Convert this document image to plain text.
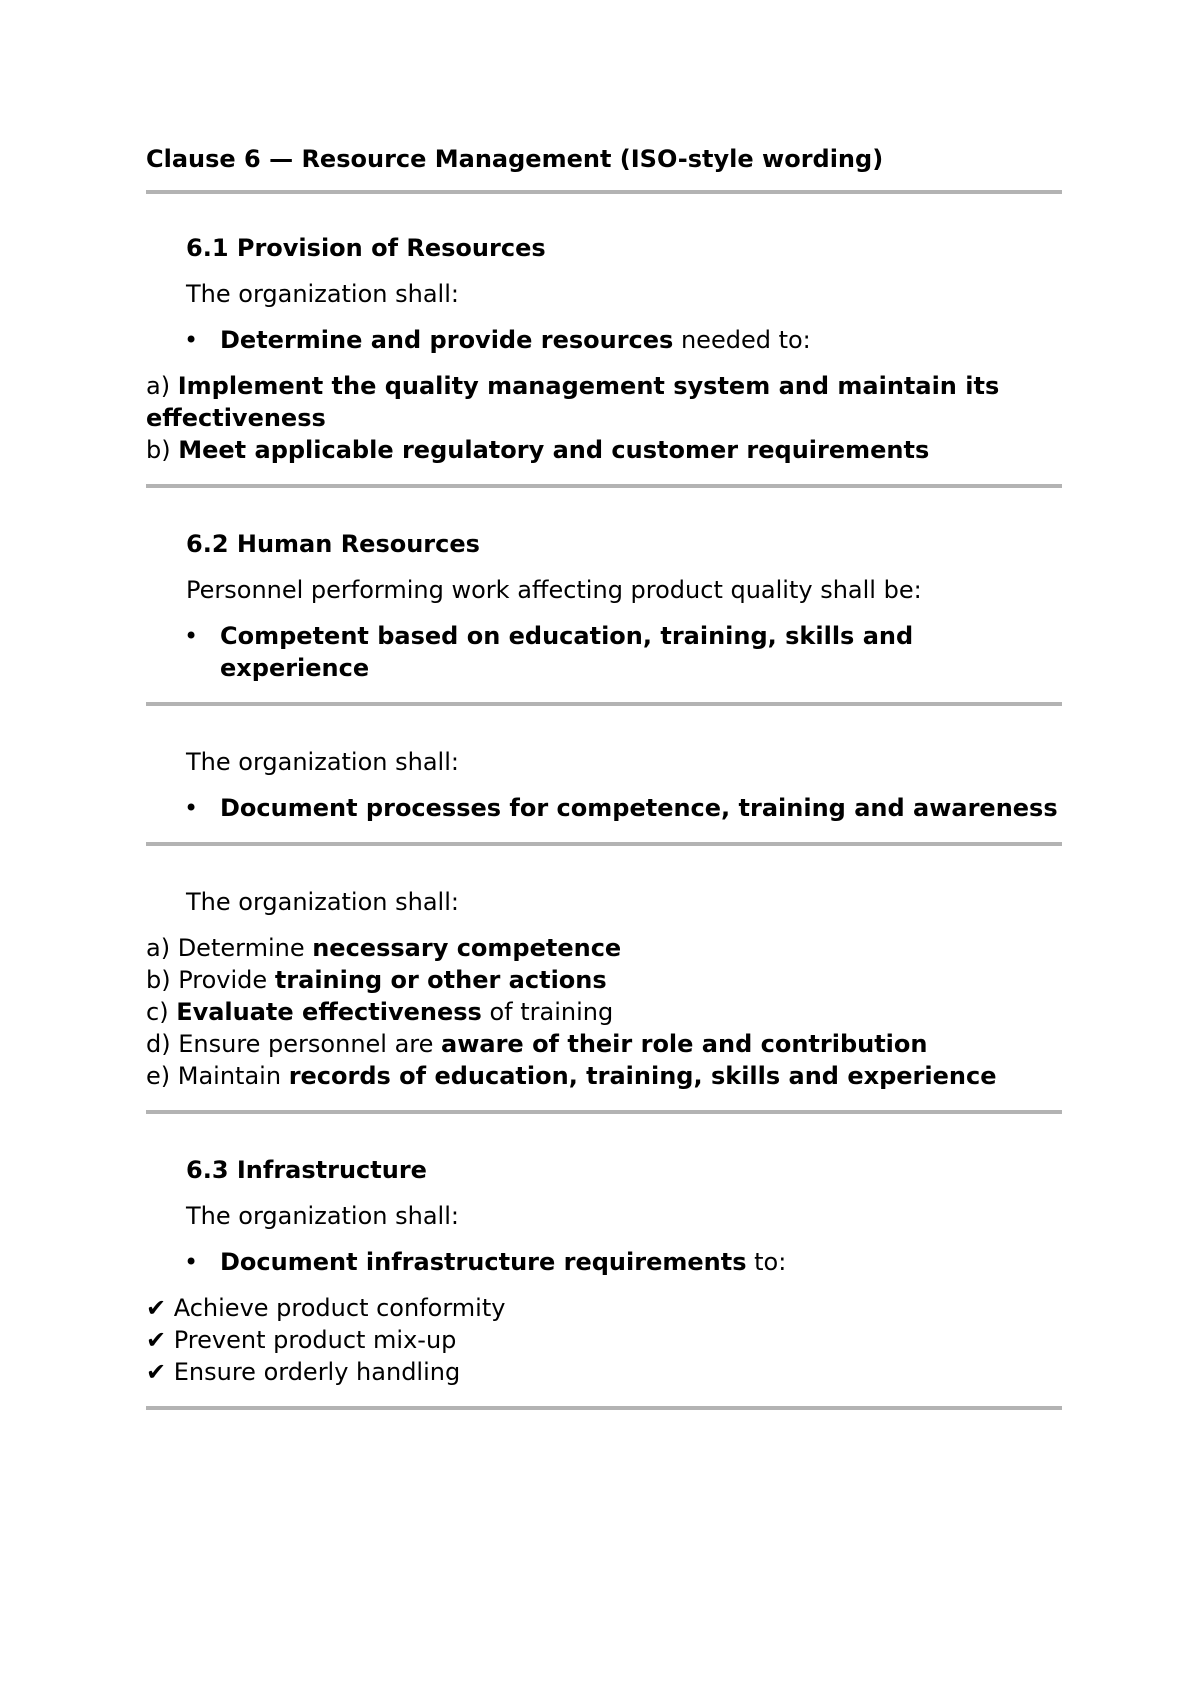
Clause 6 — Resource Management (ISO-style wording)

6.1 Provision of Resources

The organization shall:

• Determine and provide resources needed to:

a) Implement the quality management system and maintain its effectiveness

b) Meet applicable regulatory and customer requirements

6.2 Human Resources

Personnel performing work affecting product quality shall be:

• Competent based on education, training, skills and experience

The organization shall:

• Document processes for competence, training and awareness

The organization shall:

a) Determine necessary competence

b) Provide training or other actions

c) Evaluate effectiveness of training

d) Ensure personnel are aware of their role and contribution

e) Maintain records of education, training, skills and experience

6.3 Infrastructure

The organization shall:

• Document infrastructure requirements to:

✔ Achieve product conformity

✔ Prevent product mix-up

✔ Ensure orderly handling
